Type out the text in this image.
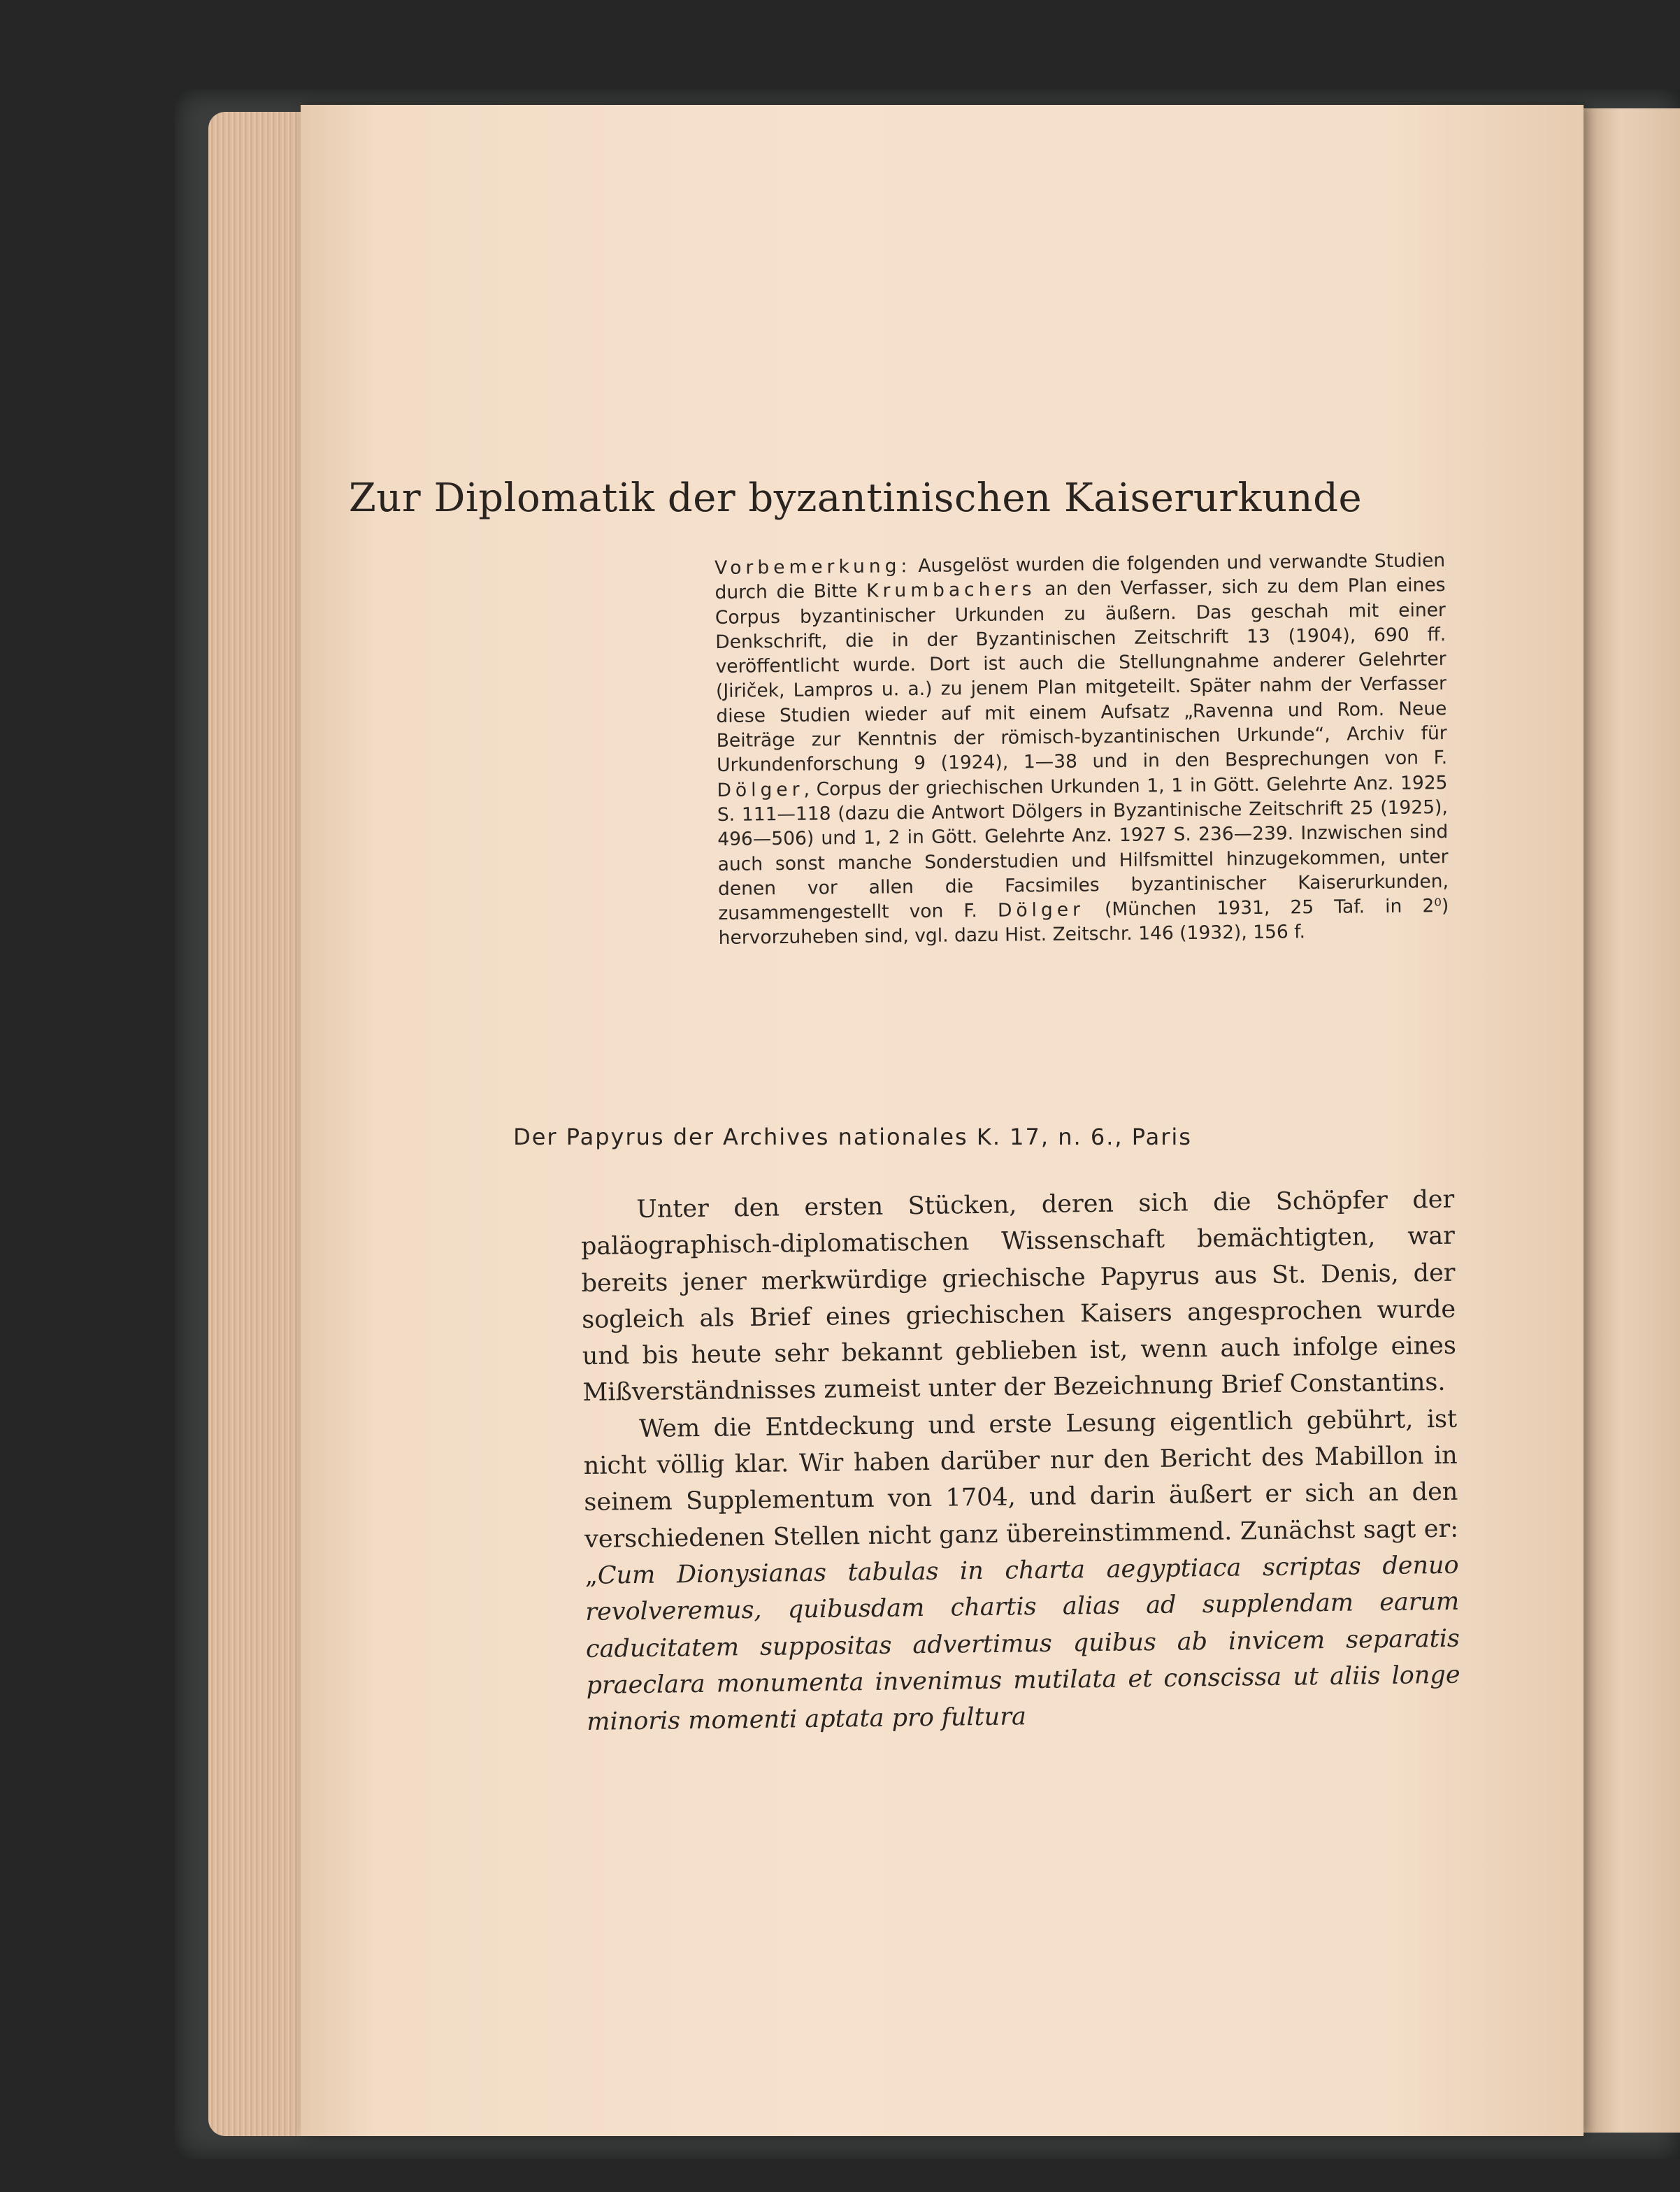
Zur Diplomatik der byzantinischen Kaiserurkunde
Vorbemerkung: Ausgelöst wurden die folgenden und verwandte Studien durch die Bitte Krumbachers an den Verfasser, sich zu dem Plan eines Corpus byzantinischer Urkunden zu äußern. Das geschah mit einer Denkschrift, die in der Byzantinischen Zeitschrift 13 (1904), 690 ff. veröffentlicht wurde. Dort ist auch die Stellungnahme anderer Gelehrter (Jiriček, Lampros u. a.) zu jenem Plan mitgeteilt. Später nahm der Verfasser diese Studien wieder auf mit einem Aufsatz „Ravenna und Rom. Neue Beiträge zur Kenntnis der römisch-byzantinischen Urkunde“, Archiv für Urkundenforschung 9 (1924), 1—38 und in den Besprechungen von F. Dölger, Corpus der griechischen Urkunden 1, 1 in Gött. Gelehrte Anz. 1925 S. 111—118 (dazu die Antwort Dölgers in Byzantinische Zeitschrift 25 (1925), 496—506) und 1, 2 in Gött. Gelehrte Anz. 1927 S. 236—239. Inzwischen sind auch sonst manche Sonderstudien und Hilfsmittel hinzugekommen, unter denen vor allen die Facsimiles byzantinischer Kaiserurkunden, zusammengestellt von F. Dölger (München 1931, 25 Taf. in 2⁰) hervorzuheben sind, vgl. dazu Hist. Zeitschr. 146 (1932), 156 f.
Der Papyrus der Archives nationales K. 17, n. 6., Paris

Unter den ersten Stücken, deren sich die Schöpfer der paläographisch-diplomatischen Wissenschaft bemächtigten, war bereits jener merkwürdige griechische Papyrus aus St. Denis, der sogleich als Brief eines griechischen Kaisers angesprochen wurde und bis heute sehr bekannt geblieben ist, wenn auch infolge eines Mißverständnisses zumeist unter der Bezeichnung Brief Constantins.

Wem die Entdeckung und erste Lesung eigentlich gebührt, ist nicht völlig klar. Wir haben darüber nur den Bericht des Mabillon in seinem Supplementum von 1704, und darin äußert er sich an den verschiedenen Stellen nicht ganz übereinstimmend. Zunächst sagt er: „Cum Dionysianas tabulas in charta aegyptiaca scriptas denuo revolveremus, quibusdam chartis alias ad supplendam earum caducitatem suppositas advertimus quibus ab invicem separatis praeclara monumenta invenimus mutilata et conscissa ut aliis longe minoris momenti aptata pro fultura
